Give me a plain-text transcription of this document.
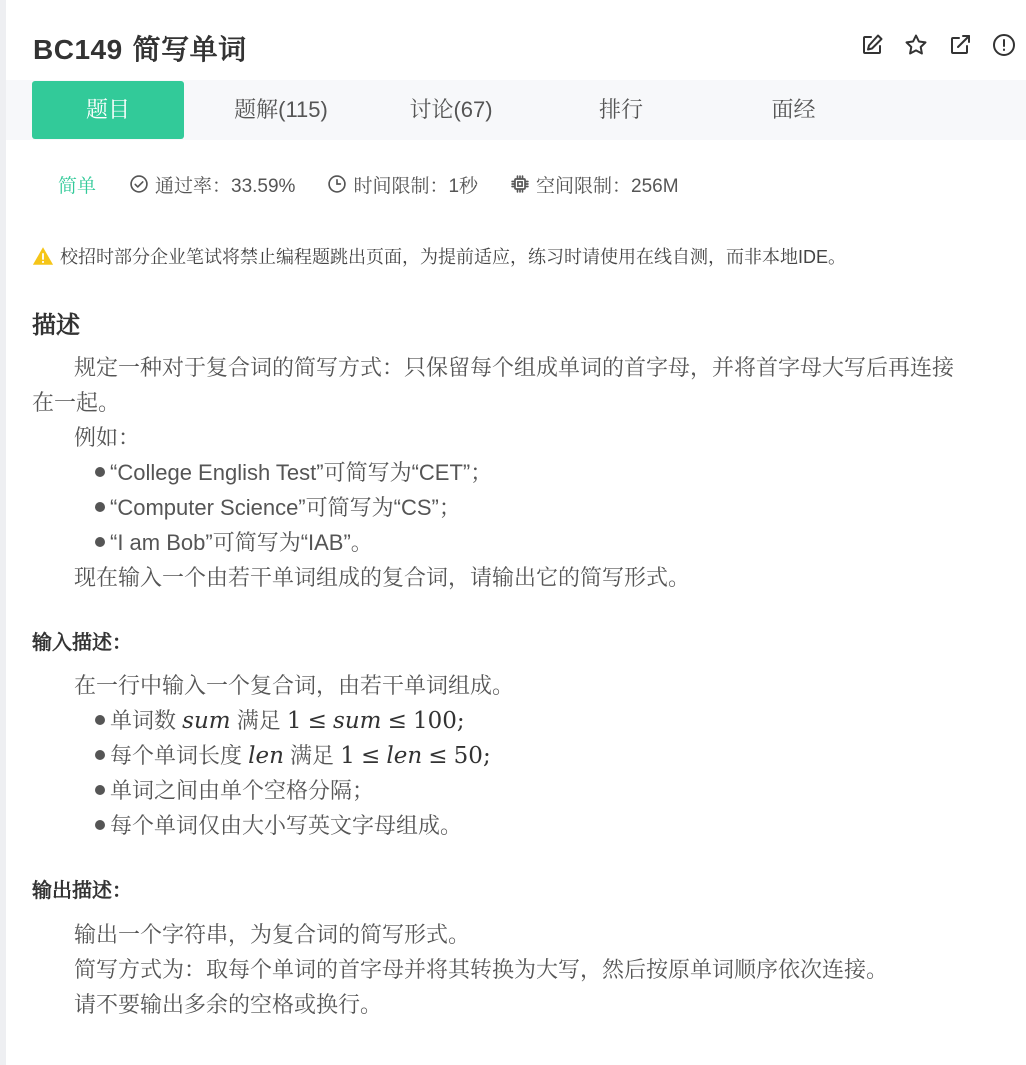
BC149 简写单词
题目	题解(115)	讨论(67)	排行	面经
简单	通过率：33.59%	时间限制：1秒	空间限制：256M
校招时部分企业笔试将禁止编程题跳出页面，为提前适应，练习时请使用在线自测，而非本地IDE。
描述
规定一种对于复合词的简写方式：只保留每个组成单词的首字母，并将首字母大写后再连接
在一起。
例如：
“College English Test”可简写为“CET”；
“Computer Science”可简写为“CS”；
“I am Bob”可简写为“IAB”。
现在输入一个由若干单词组成的复合词，请输出它的简写形式。
输入描述：
在一行中输入一个复合词，由若干单词组成。
单词数 sum 满足 1 ≤ sum ≤ 100;
每个单词长度 len 满足 1 ≤ len ≤ 50;
单词之间由单个空格分隔；
每个单词仅由大小写英文字母组成。
输出描述：
输出一个字符串，为复合词的简写形式。
简写方式为：取每个单词的首字母并将其转换为大写，然后按原单词顺序依次连接。
请不要输出多余的空格或换行。
